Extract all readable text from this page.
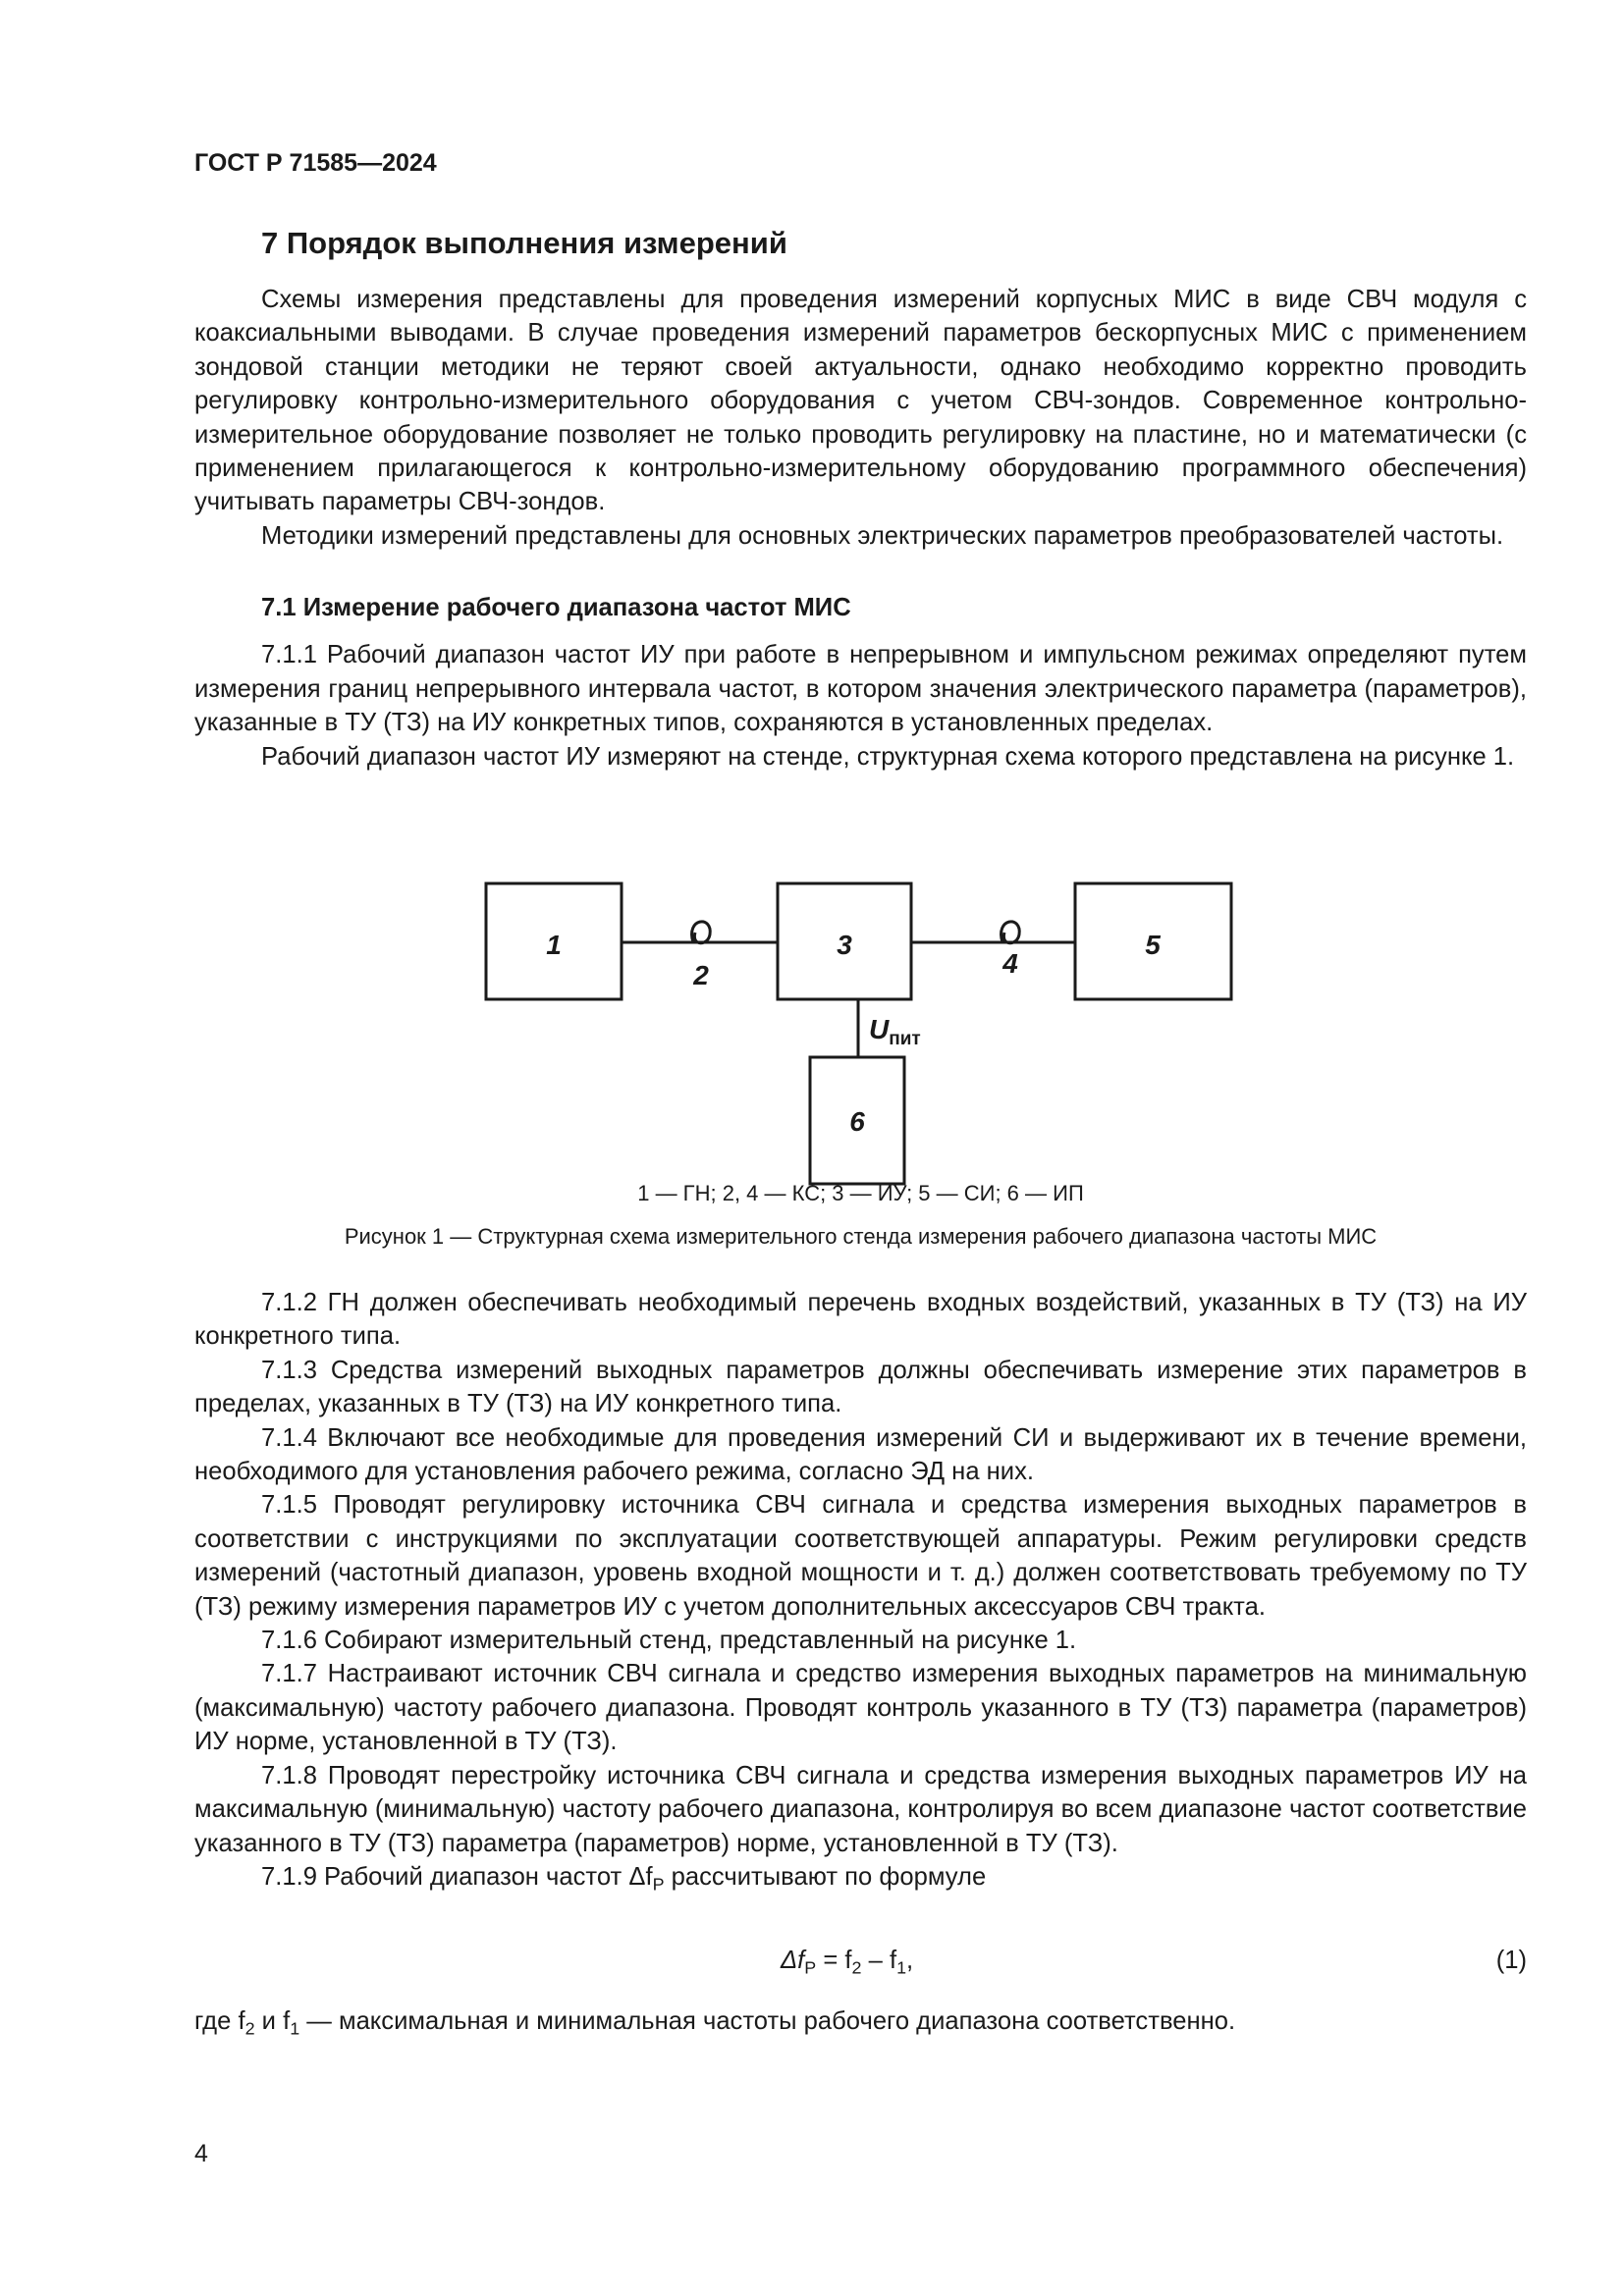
ГОСТ Р 71585—2024
7 Порядок выполнения измерений

Схемы измерения представлены для проведения измерений корпусных МИС в виде СВЧ модуля с коаксиальными выводами. В случае проведения измерений параметров бескорпусных МИС с применением зондовой станции методики не теряют своей актуальности, однако необходимо корректно проводить регулировку контрольно-измерительного оборудования с учетом СВЧ-зондов. Современное контрольно-измерительное оборудование позволяет не только проводить регулировку на пластине, но и математически (с применением прилагающегося к контрольно-измерительному оборудованию программного обеспечения) учитывать параметры СВЧ-зондов.

Методики измерений представлены для основных электрических параметров преобразователей частоты.

7.1 Измерение рабочего диапазона частот МИС

7.1.1 Рабочий диапазон частот ИУ при работе в непрерывном и импульсном режимах определяют путем измерения границ непрерывного интервала частот, в котором значения электрического параметра (параметров), указанные в ТУ (ТЗ) на ИУ конкретных типов, сохраняются в установленных пределах.

Рабочий диапазон частот ИУ измеряют на стенде, структурная схема которого представлена на рисунке 1.

1	3	5
6
2	4
$U_{пит}$
1 — ГН; 2, 4 — КС; 3 — ИУ; 5 — СИ; 6 — ИП
Рисунок 1 — Структурная схема измерительного стенда измерения рабочего диапазона частоты МИС

7.1.2 ГН должен обеспечивать необходимый перечень входных воздействий, указанных в ТУ (ТЗ) на ИУ конкретного типа.

7.1.3 Средства измерений выходных параметров должны обеспечивать измерение этих параметров в пределах, указанных в ТУ (ТЗ) на ИУ конкретного типа.

7.1.4 Включают все необходимые для проведения измерений СИ и выдерживают их в течение времени, необходимого для установления рабочего режима, согласно ЭД на них.

7.1.5 Проводят регулировку источника СВЧ сигнала и средства измерения выходных параметров в соответствии с инструкциями по эксплуатации соответствующей аппаратуры. Режим регулировки средств измерений (частотный диапазон, уровень входной мощности и т. д.) должен соответствовать требуемому по ТУ (ТЗ) режиму измерения параметров ИУ с учетом дополнительных аксессуаров СВЧ тракта.

7.1.6 Собирают измерительный стенд, представленный на рисунке 1.

7.1.7 Настраивают источник СВЧ сигнала и средство измерения выходных параметров на минимальную (максимальную) частоту рабочего диапазона. Проводят контроль указанного в ТУ (ТЗ) параметра (параметров) ИУ норме, установленной в ТУ (ТЗ).

7.1.8 Проводят перестройку источника СВЧ сигнала и средства измерения выходных параметров ИУ на максимальную (минимальную) частоту рабочего диапазона, контролируя во всем диапазоне частот соответствие указанного в ТУ (ТЗ) параметра (параметров) норме, установленной в ТУ (ТЗ).

7.1.9 Рабочий диапазон частот $\Delta f_Р$ рассчитывают по формуле

$\Delta f_Р = f_2 - f_1$,	(1)
где $f_2$ и $f_1$ — максимальная и минимальная частоты рабочего диапазона соответственно.
4
